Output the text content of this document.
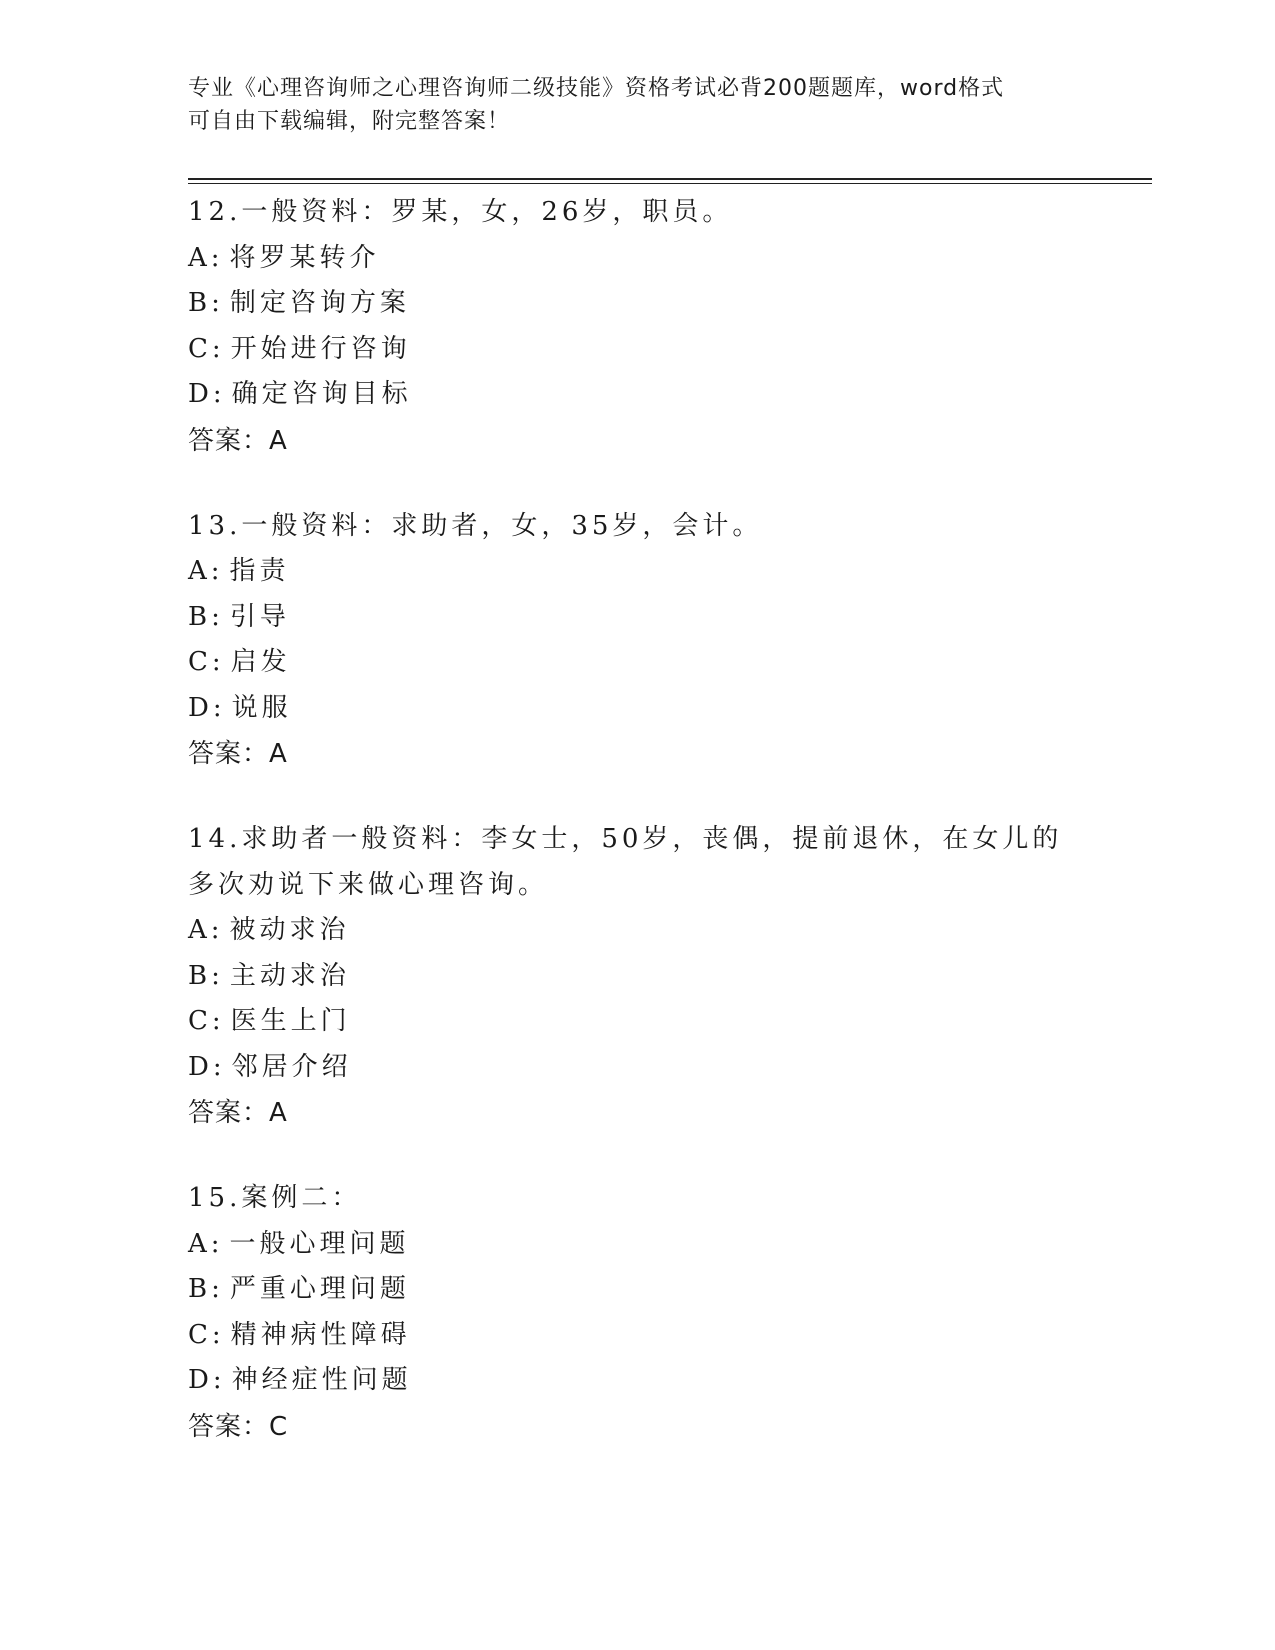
专业《心理咨询师之心理咨询师二级技能》资格考试必背200题题库，word格式
可自由下载编辑，附完整答案！
12.一般资料：罗某，女，26岁，职员。
A: 将罗某转介
B: 制定咨询方案
C: 开始进行咨询
D: 确定咨询目标
答案：A
13.一般资料：求助者，女，35岁，会计。
A: 指责
B: 引导
C: 启发
D: 说服
答案：A
14.求助者一般资料：李女士，50岁，丧偶，提前退休，在女儿的多次劝说下来做心理咨询。
A: 被动求治
B: 主动求治
C: 医生上门
D: 邻居介绍
答案：A
15.案例二：
A: 一般心理问题
B: 严重心理问题
C: 精神病性障碍
D: 神经症性问题
答案：C
